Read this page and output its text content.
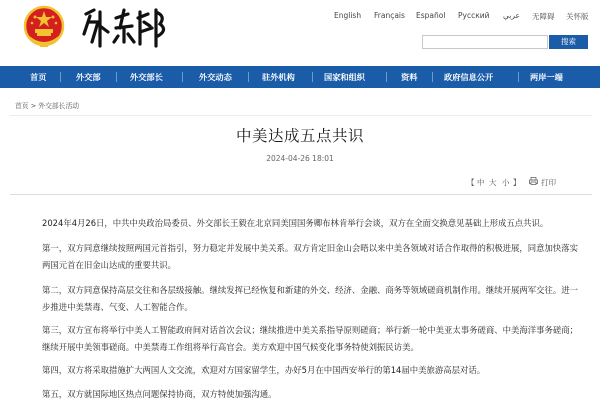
English Français Español Русский عربي 无障碍 关怀版
搜索
首页	外交部	外交部长	外交动态	驻外机构	国家和组织	资料	政府信息公开	两岸一端
首页 > 外交部长活动
中美达成五点共识
2024-04-26 18:01
【 中 大 小 】	打印
2024年4月26日，中共中央政治局委员、外交部长王毅在北京同美国国务卿布林肯举行会谈，双方在全面交换意见基础上形成五点共识。
第一，双方同意继续按照两国元首指引，努力稳定并发展中美关系。双方肯定旧金山会晤以来中美各领域对话合作取得的积极进展，同意加快落实两国元首在旧金山达成的重要共识。
第二，双方同意保持高层交往和各层级接触。继续发挥已经恢复和新建的外交、经济、金融、商务等领域磋商机制作用。继续开展两军交往。进一步推进中美禁毒、气变、人工智能合作。
第三，双方宣布将举行中美人工智能政府间对话首次会议；继续推进中美关系指导原则磋商；举行新一轮中美亚太事务磋商、中美海洋事务磋商；继续开展中美领事磋商。中美禁毒工作组将举行高官会。美方欢迎中国气候变化事务特使刘振民访美。
第四，双方将采取措施扩大两国人文交流，欢迎对方国家留学生，办好5月在中国西安举行的第14届中美旅游高层对话。
第五，双方就国际地区热点问题保持协商，双方特使加强沟通。
